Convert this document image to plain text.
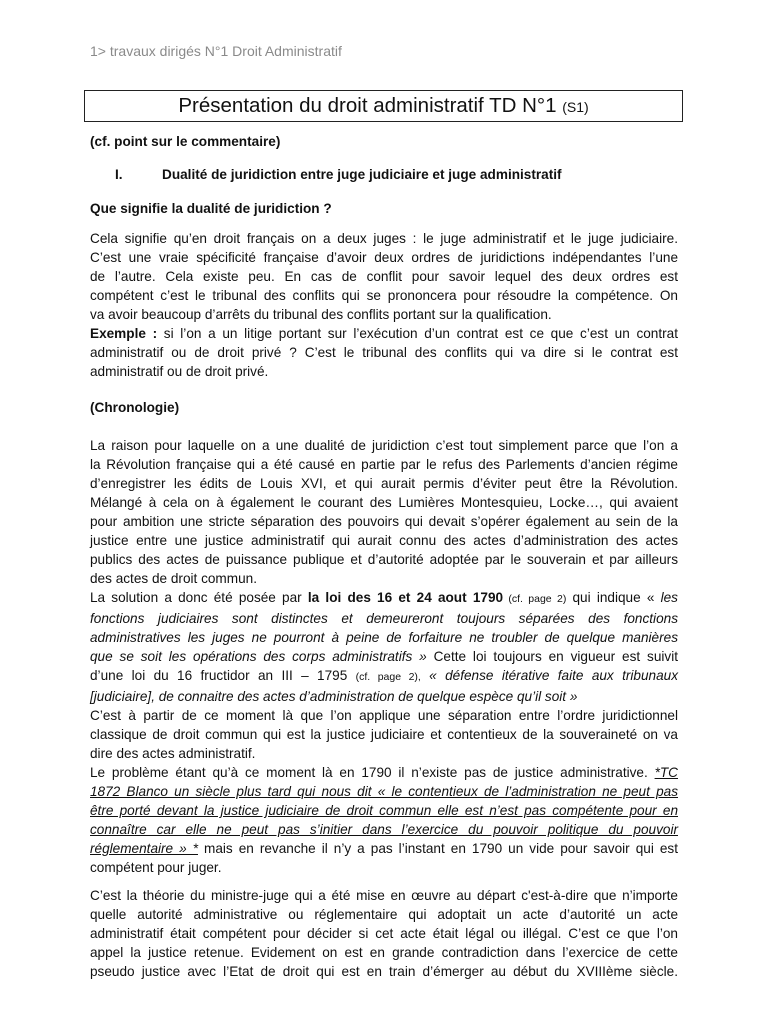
1> travaux dirigés N°1 Droit Administratif
Présentation du droit administratif TD N°1 (S1)
(cf. point sur le commentaire)
I.	Dualité de juridiction entre juge judiciaire et juge administratif
Que signifie la dualité de juridiction ?
Cela signifie qu’en droit français on a deux juges : le juge administratif et le juge judiciaire.
C’est une vraie spécificité française d’avoir deux ordres de juridictions indépendantes l’une
de l’autre. Cela existe peu. En cas de conflit pour savoir lequel des deux ordres est
compétent c’est le tribunal des conflits qui se prononcera pour résoudre la compétence. On
va avoir beaucoup d’arrêts du tribunal des conflits portant sur la qualification.
Exemple : si l’on a un litige portant sur l’exécution d’un contrat est ce que c’est un contrat
administratif ou de droit privé ? C’est le tribunal des conflits qui va dire si le contrat est
administratif ou de droit privé.
(Chronologie)
La raison pour laquelle on a une dualité de juridiction c’est tout simplement parce que l’on a
la Révolution française qui a été causé en partie par le refus des Parlements d’ancien régime
d’enregistrer les édits de Louis XVI, et qui aurait permis d’éviter peut être la Révolution.
Mélangé à cela on à également le courant des Lumières Montesquieu, Locke…, qui avaient
pour ambition une stricte séparation des pouvoirs qui devait s’opérer également au sein de la
justice entre une justice administratif qui aurait connu des actes d’administration des actes
publics des actes de puissance publique et d’autorité adoptée par le souverain et par ailleurs
des actes de droit commun.
La solution a donc été posée par la loi des 16 et 24 aout 1790 (cf. page 2) qui indique « les
fonctions judiciaires sont distinctes et demeureront toujours séparées des fonctions
administratives les juges ne pourront à peine de forfaiture ne troubler de quelque manières
que se soit les opérations des corps administratifs » Cette loi toujours en vigueur est suivit
d’une loi du 16 fructidor an III – 1795 (cf. page 2), « défense itérative faite aux tribunaux
[judiciaire], de connaitre des actes d’administration de quelque espèce qu’il soit »
C’est à partir de ce moment là que l’on applique une séparation entre l’ordre juridictionnel
classique de droit commun qui est la justice judiciaire et contentieux de la souveraineté on va
dire des actes administratif.
Le problème étant qu’à ce moment là en 1790 il n’existe pas de justice administrative. *TC
1872 Blanco un siècle plus tard qui nous dit « le contentieux de l’administration ne peut pas
être porté devant la justice judiciaire de droit commun elle est n’est pas compétente pour en
connaître car elle ne peut pas s’initier dans l’exercice du pouvoir politique du pouvoir
réglementaire » * mais en revanche il n’y a pas l’instant en 1790 un vide pour savoir qui est
compétent pour juger.
C’est la théorie du ministre-juge qui a été mise en œuvre au départ c'est-à-dire que n’importe
quelle autorité administrative ou réglementaire qui adoptait un acte d’autorité un acte
administratif était compétent pour décider si cet acte était légal ou illégal. C’est ce que l’on
appel la justice retenue. Evidement on est en grande contradiction dans l’exercice de cette
pseudo justice avec l’Etat de droit qui est en train d’émerger au début du XVIIIème siècle.
